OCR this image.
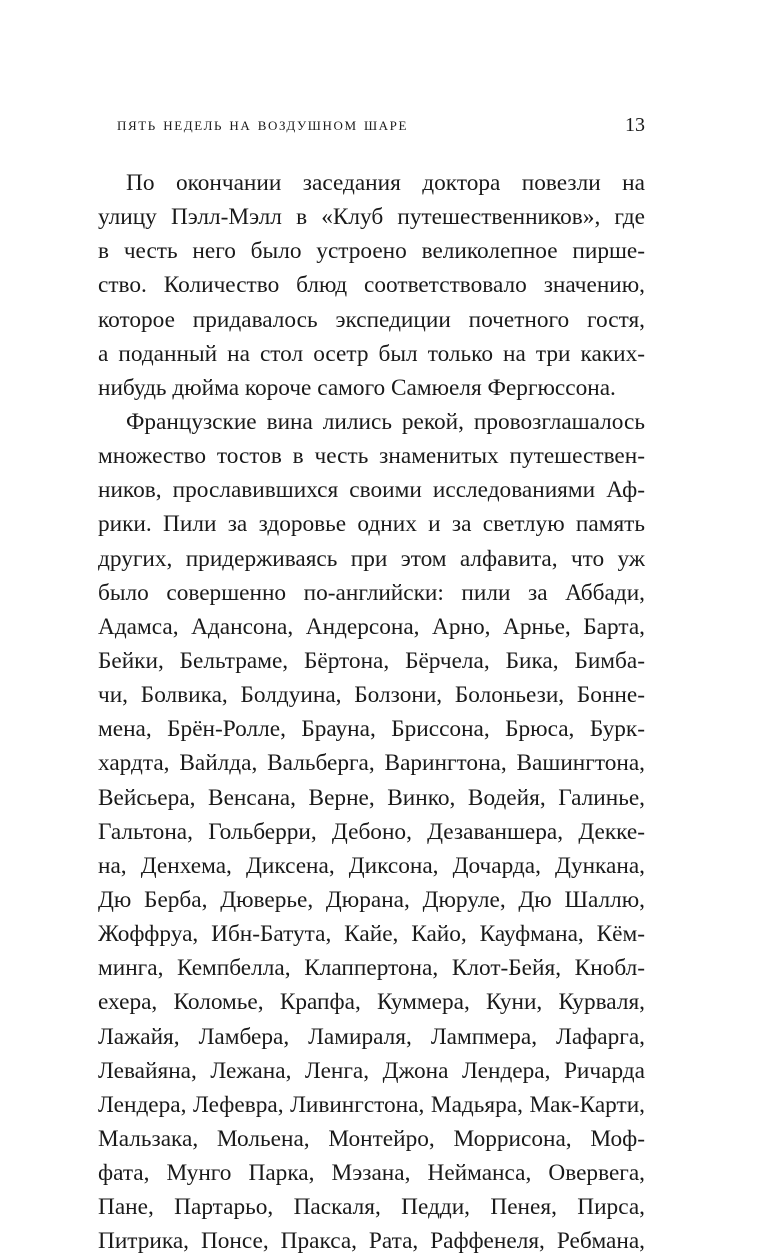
пять недель на воздушном шаре	13
По окончании заседания доктора повезли на
улицу Пэлл-Мэлл в «Клуб путешественников», где
в честь него было устроено великолепное пирше-
ство. Количество блюд соответствовало значению,
которое придавалось экспедиции почетного гостя,
а поданный на стол осетр был только на три каких-
нибудь дюйма короче самого Самюеля Фергюссона.
Французские вина лились рекой, провозглашалось
множество тостов в честь знаменитых путешествен-
ников, прославившихся своими исследованиями Аф-
рики. Пили за здоровье одних и за светлую память
других, придерживаясь при этом алфавита, что уж
было совершенно по-английски: пили за Аббади,
Адамса, Адансона, Андерсона, Арно, Арнье, Барта,
Бейки, Бельтраме, Бёртона, Бёрчела, Бика, Бимба-
чи, Болвика, Болдуина, Болзони, Болоньези, Бонне-
мена, Брён-Ролле, Брауна, Бриссона, Брюса, Бурк-
хардта, Вайлда, Вальберга, Варингтона, Вашингтона,
Вейсьера, Венсана, Верне, Винко, Водейя, Галинье,
Гальтона, Гольберри, Дебоно, Дезаваншера, Декке-
на, Денхема, Диксена, Диксона, Дочарда, Дункана,
Дю Берба, Дюверье, Дюрана, Дюруле, Дю Шаллю,
Жоффруа, Ибн-Батута, Кайе, Кайо, Кауфмана, Кём-
минга, Кемпбелла, Клаппертона, Клот-Бейя, Кнобл-
ехера, Коломье, Крапфа, Куммера, Куни, Курваля,
Лажайя, Ламбера, Ламираля, Лампмера, Лафарга,
Левайяна, Лежана, Ленга, Джона Лендера, Ричарда
Лендера, Лефевра, Ливингстона, Мадьяра, Мак-Карти,
Мальзака, Мольена, Монтейро, Моррисона, Моф-
фата, Мунго Парка, Мэзана, Нейманса, Овервега,
Пане, Партарьо, Паскаля, Педди, Пенея, Пирса,
Питрика, Понсе, Пракса, Рата, Раффенеля, Ребмана,
